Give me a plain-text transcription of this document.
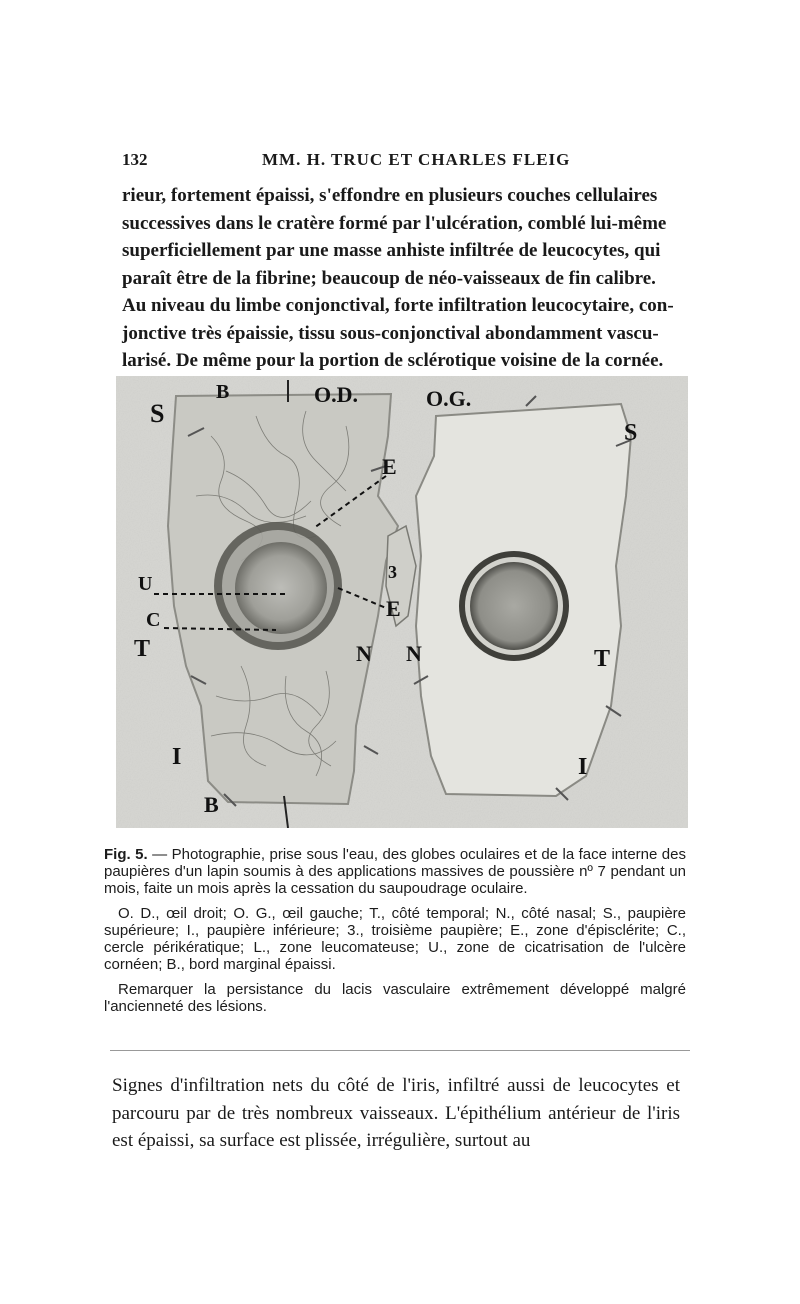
132	MM. H. TRUC ET CHARLES FLEIG

rieur, fortement épaissi, s'effondre en plusieurs couches cellulaires

successives dans le cratère formé par l'ulcération, comblé lui-même

superficiellement par une masse anhiste infiltrée de leucocytes, qui

paraît être de la fibrine; beaucoup de néo-vaisseaux de fin calibre.

Au niveau du limbe conjonctival, forte infiltration leucocytaire, con-

jonctive très épaissie, tissu sous-conjonctival abondamment vascu-

larisé. De même pour la portion de sclérotique voisine de la cornée.

S
B	O.D.	O.G.
S
E
3
E
U
C
T	N N	T
I	I
B

Fig. 5. — Photographie, prise sous l'eau, des globes oculaires et de la face interne des paupières d'un lapin soumis à des applications massives de poussière nº 7 pendant un mois, faite un mois après la cessation du saupoudrage oculaire.

O. D., œil droit; O. G., œil gauche; T., côté temporal; N., côté nasal; S., paupière supérieure; I., paupière inférieure; 3., troisième paupière; E., zone d'épisclérite; C., cercle périkératique; L., zone leucomateuse; U., zone de cicatrisation de l'ulcère cornéen; B., bord marginal épaissi.

Remarquer la persistance du lacis vasculaire extrêmement développé malgré l'ancienneté des lésions.

Signes d'infiltration nets du côté de l'iris, infiltré aussi de leucocytes et parcouru par de très nombreux vaisseaux. L'épithélium antérieur de l'iris est épaissi, sa surface est plissée, irrégulière, surtout au
